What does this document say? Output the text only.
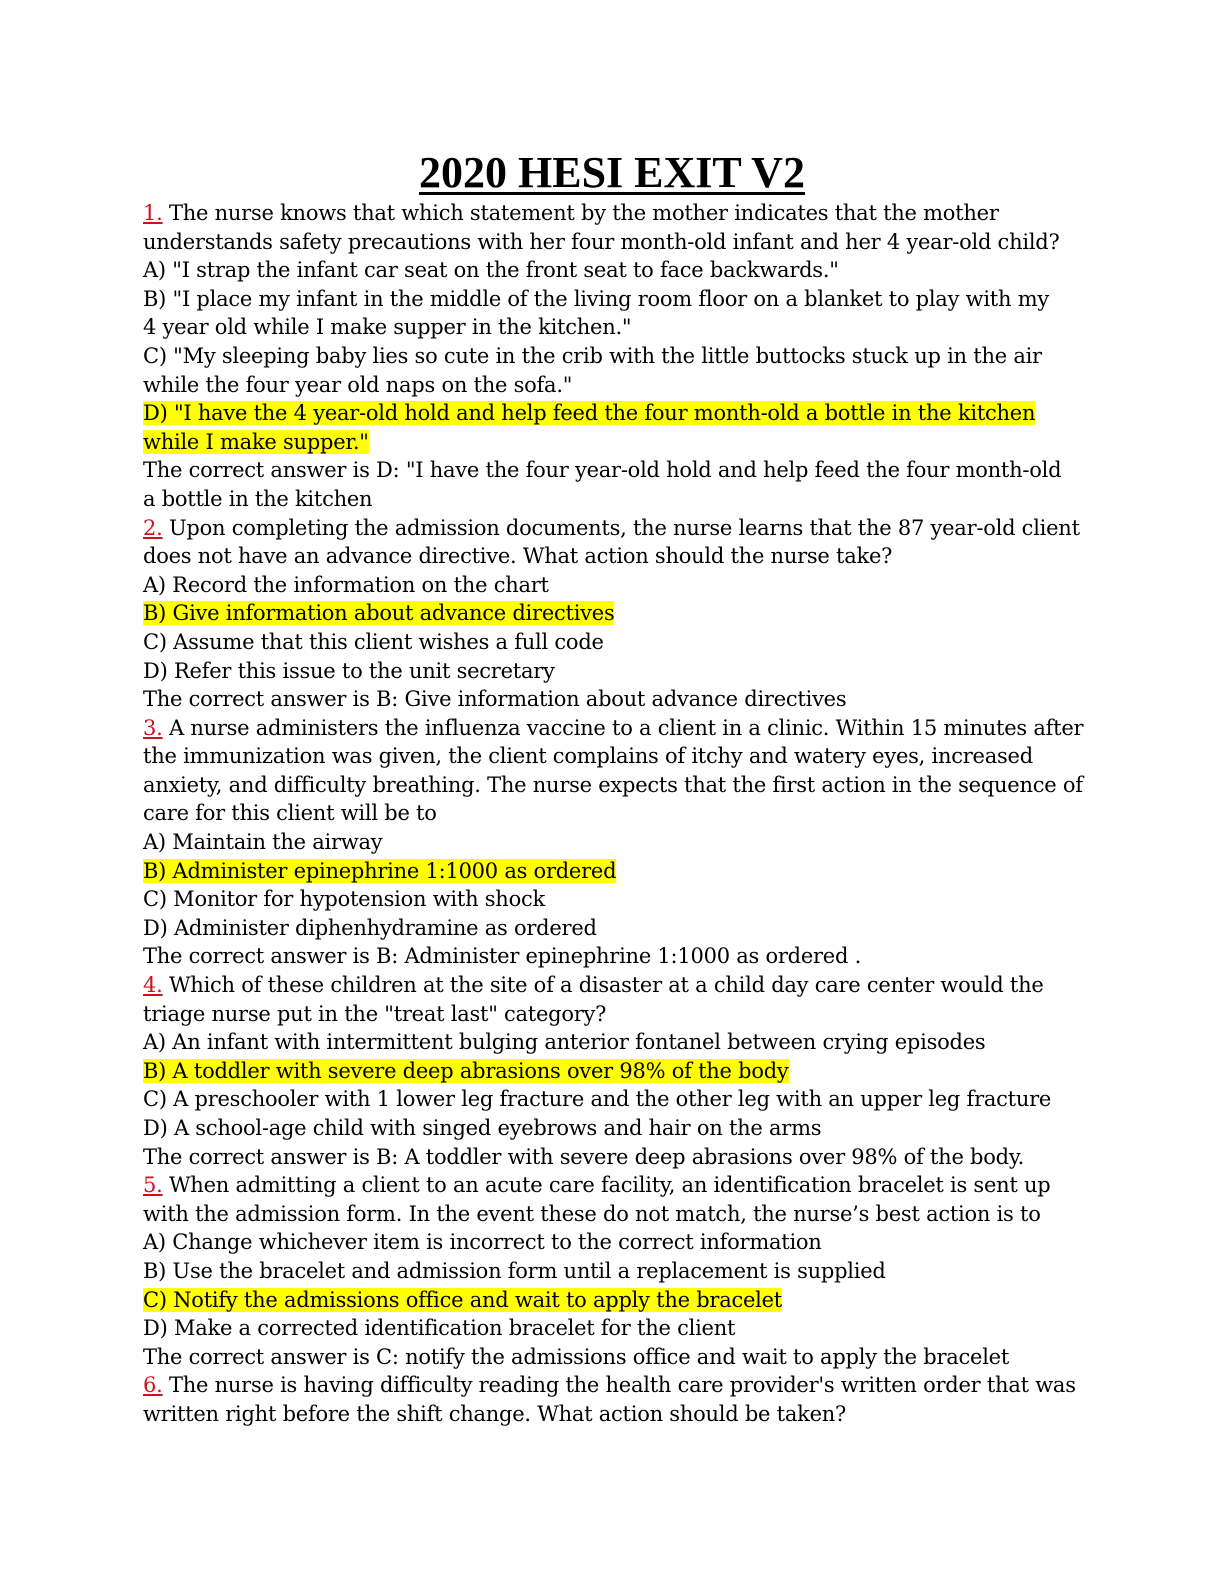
2020 HESI EXIT V2
1. The nurse knows that which statement by the mother indicates that the mother
understands safety precautions with her four month-old infant and her 4 year-old child?
A) "I strap the infant car seat on the front seat to face backwards."
B) "I place my infant in the middle of the living room floor on a blanket to play with my
4 year old while I make supper in the kitchen."
C) "My sleeping baby lies so cute in the crib with the little buttocks stuck up in the air
while the four year old naps on the sofa."
D) "I have the 4 year-old hold and help feed the four month-old a bottle in the kitchen
while I make supper."
The correct answer is D: "I have the four year-old hold and help feed the four month-old
a bottle in the kitchen
2. Upon completing the admission documents, the nurse learns that the 87 year-old client
does not have an advance directive. What action should the nurse take?
A) Record the information on the chart
B) Give information about advance directives
C) Assume that this client wishes a full code
D) Refer this issue to the unit secretary
The correct answer is B: Give information about advance directives
3. A nurse administers the influenza vaccine to a client in a clinic. Within 15 minutes after
the immunization was given, the client complains of itchy and watery eyes, increased
anxiety, and difficulty breathing. The nurse expects that the first action in the sequence of
care for this client will be to
A) Maintain the airway
B) Administer epinephrine 1:1000 as ordered
C) Monitor for hypotension with shock
D) Administer diphenhydramine as ordered
The correct answer is B: Administer epinephrine 1:1000 as ordered .
4. Which of these children at the site of a disaster at a child day care center would the
triage nurse put in the "treat last" category?
A) An infant with intermittent bulging anterior fontanel between crying episodes
B) A toddler with severe deep abrasions over 98% of the body
C) A preschooler with 1 lower leg fracture and the other leg with an upper leg fracture
D) A school-age child with singed eyebrows and hair on the arms
The correct answer is B: A toddler with severe deep abrasions over 98% of the body.
5. When admitting a client to an acute care facility, an identification bracelet is sent up
with the admission form. In the event these do not match, the nurse’s best action is to
A) Change whichever item is incorrect to the correct information
B) Use the bracelet and admission form until a replacement is supplied
C) Notify the admissions office and wait to apply the bracelet
D) Make a corrected identification bracelet for the client
The correct answer is C: notify the admissions office and wait to apply the bracelet
6. The nurse is having difficulty reading the health care provider's written order that was
written right before the shift change. What action should be taken?
